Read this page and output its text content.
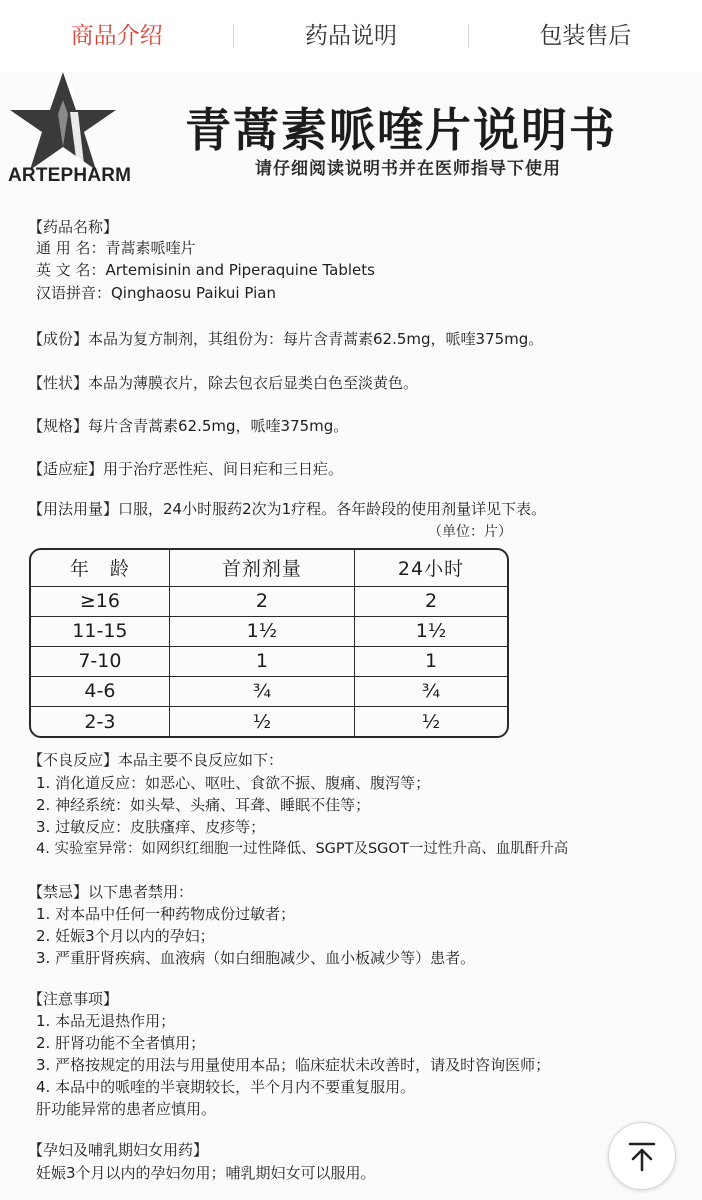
商品介绍	药品说明	包装售后
ARTEPHARM
青蒿素哌喹片说明书
请仔细阅读说明书并在医师指导下使用
【药品名称】
通 用 名：青蒿素哌喹片
英 文 名：Artemisinin and Piperaquine Tablets
汉语拼音：Qinghaosu Paikui Pian
【成份】本品为复方制剂，其组份为：每片含青蒿素62.5mg，哌喹375mg。
【性状】本品为薄膜衣片，除去包衣后显类白色至淡黄色。
【规格】每片含青蒿素62.5mg，哌喹375mg。
【适应症】用于治疗恶性疟、间日疟和三日疟。
【用法用量】口服，24小时服药2次为1疗程。各年龄段的使用剂量详见下表。
（单位：片）
年　龄	首剂剂量	24小时
≥16	2	2
11-15	1½	1½
7-10	1	1
4-6	¾	¾
2-3	½	½
【不良反应】本品主要不良反应如下：
1. 消化道反应：如恶心、呕吐、食欲不振、腹痛、腹泻等；
2. 神经系统：如头晕、头痛、耳聋、睡眠不佳等；
3. 过敏反应：皮肤瘙痒、皮疹等；
4. 实验室异常：如网织红细胞一过性降低、SGPT及SGOT一过性升高、血肌酐升高
【禁忌】以下患者禁用：
1. 对本品中任何一种药物成份过敏者；
2. 妊娠3个月以内的孕妇；
3. 严重肝肾疾病、血液病（如白细胞减少、血小板减少等）患者。
【注意事项】
1. 本品无退热作用；
2. 肝肾功能不全者慎用；
3. 严格按规定的用法与用量使用本品；临床症状未改善时，请及时咨询医师；
4. 本品中的哌喹的半衰期较长，半个月内不要重复服用。
肝功能异常的患者应慎用。
【孕妇及哺乳期妇女用药】
妊娠3个月以内的孕妇勿用；哺乳期妇女可以服用。
